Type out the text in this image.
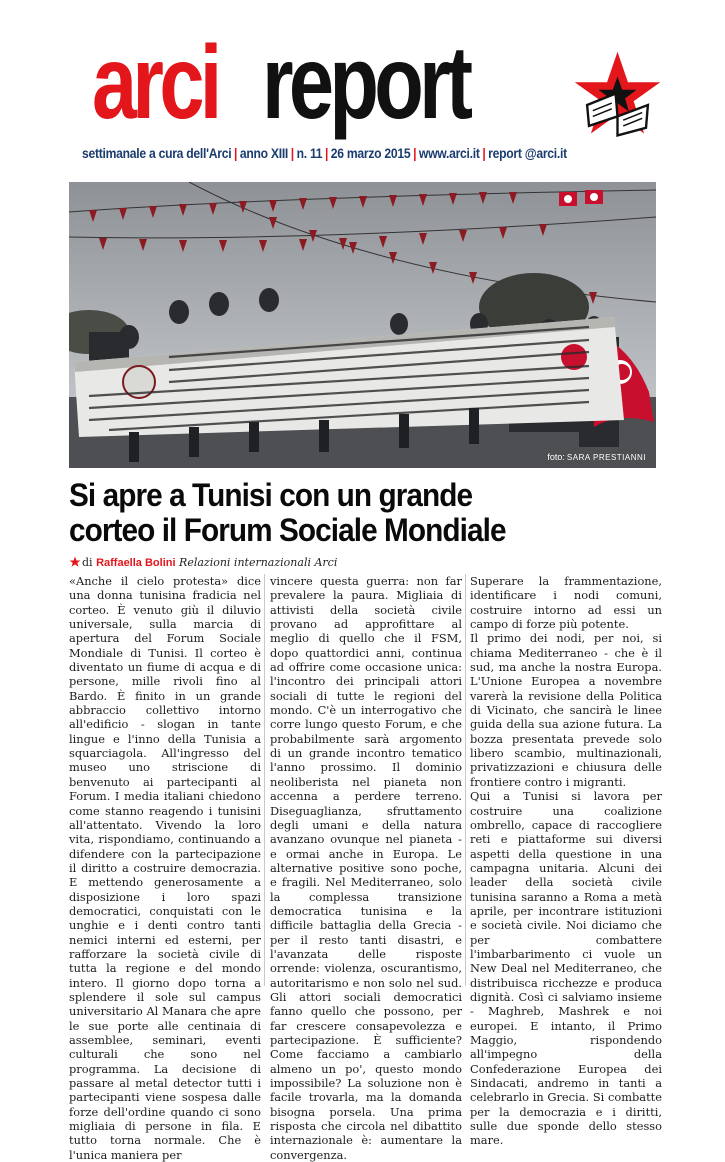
arci report
settimanale a cura dell'Arci | anno XIII | n. 11 | 26 marzo 2015 | www.arci.it | report @arci.it
foto: SARA PRESTIANNI
Si apre a Tunisi con un grande
corteo il Forum Sociale Mondiale
di Raffaella Bolini Relazioni internazionali Arci

«Anche il cielo protesta» dice una donna tunisina fradicia nel corteo. È venuto giù il diluvio universale, sulla marcia di apertura del Forum Sociale Mondiale di Tunisi. Il corteo è diventato un fiume di acqua e di persone, mille rivoli fino al Bardo. È finito in un grande abbraccio collettivo intorno all'edificio - slogan in tante lingue e l'inno della Tunisia a squarciagola. All'ingresso del museo uno striscione di benvenuto ai partecipanti al Forum. I media italiani chiedono come stanno reagendo i tunisini all'attentato. Vivendo la loro vita, rispondiamo, continuando a difendere con la partecipazione il diritto a costruire democrazia. E mettendo generosamente a disposizione i loro spazi democratici, conquistati con le unghie e i denti contro tanti nemici interni ed esterni, per rafforzare la società civile di tutta la regione e del mondo intero. Il giorno dopo torna a splendere il sole sul campus universitario Al Manara che apre le sue porte alle centinaia di assemblee, seminari, eventi culturali che sono nel programma. La decisione di passare al metal detector tutti i partecipanti viene sospesa dalle forze dell'ordine quando ci sono migliaia di persone in fila. E tutto torna normale. Che è l'unica maniera per

vincere questa guerra: non far prevalere la paura. Migliaia di attivisti della società civile provano ad approfittare al meglio di quello che il FSM, dopo quattordici anni, continua ad offrire come occasione unica: l'incontro dei principali attori sociali di tutte le regioni del mondo. C'è un interrogativo che corre lungo questo Forum, e che probabilmente sarà argomento di un grande incontro tematico l'anno prossimo. Il dominio neoliberista nel pianeta non accenna a perdere terreno. Diseguaglianza, sfruttamento degli umani e della natura avanzano ovunque nel pianeta - e ormai anche in Europa. Le alternative positive sono poche, e fragili. Nel Mediterraneo, solo la complessa transizione democratica tunisina e la difficile battaglia della Grecia - per il resto tanti disastri, e l'avanzata delle risposte orrende: violenza, oscurantismo, autoritarismo e non solo nel sud. Gli attori sociali democratici fanno quello che possono, per far crescere consapevolezza e partecipazione. È sufficiente? Come facciamo a cambiarlo almeno un po', questo mondo impossibile? La soluzione non è facile trovarla, ma la domanda bisogna porsela. Una prima risposta che circola nel dibattito internazionale è: aumentare la convergenza.

Superare la frammentazione, identificare i nodi comuni, costruire intorno ad essi un campo di forze più potente.

Il primo dei nodi, per noi, si chiama Mediterraneo - che è il sud, ma anche la nostra Europa. L'Unione Europea a novembre varerà la revisione della Politica di Vicinato, che sancirà le linee guida della sua azione futura. La bozza presentata prevede solo libero scambio, multinazionali, privatizzazioni e chiusura delle frontiere contro i migranti.

Qui a Tunisi si lavora per costruire una coalizione ombrello, capace di raccogliere reti e piattaforme sui diversi aspetti della questione in una campagna unitaria. Alcuni dei leader della società civile tunisina saranno a Roma a metà aprile, per incontrare istituzioni e società civile. Noi diciamo che per combattere l'imbarbarimento ci vuole un New Deal nel Mediterraneo, che distribuisca ricchezze e produca dignità. Così ci salviamo insieme - Maghreb, Mashrek e noi europei. E intanto, il Primo Maggio, rispondendo all'impegno della Confederazione Europea dei Sindacati, andremo in tanti a celebrarlo in Grecia. Si combatte per la democrazia e i diritti, sulle due sponde dello stesso mare.
